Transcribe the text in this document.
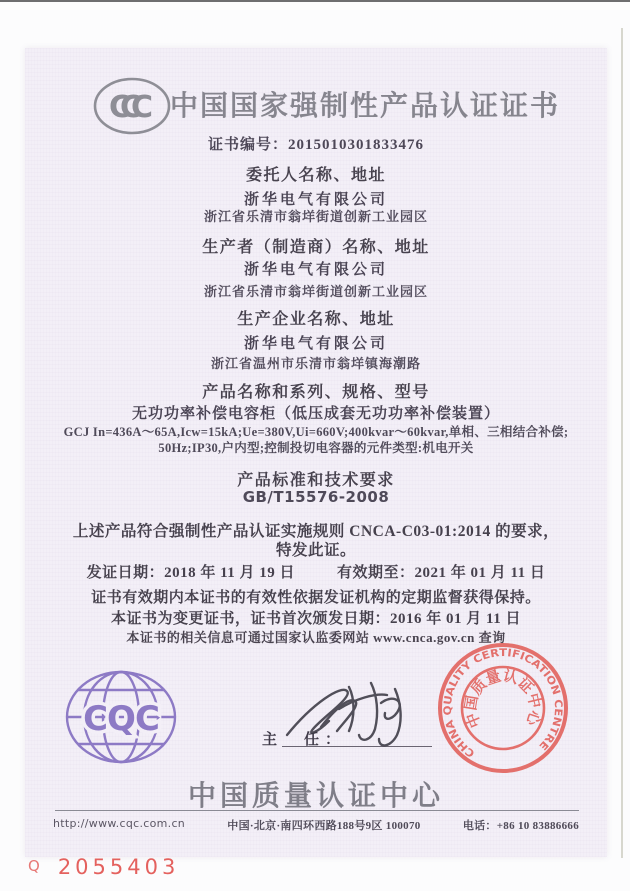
CCC 中国国家强制性产品认证证书
证书编号：2015010301833476
委托人名称、地址
浙华电气有限公司
浙江省乐清市翁垟街道创新工业园区
生产者（制造商）名称、地址
浙华电气有限公司
浙江省乐清市翁垟街道创新工业园区
生产企业名称、地址
浙华电气有限公司
浙江省温州市乐清市翁垟镇海潮路
产品名称和系列、规格、型号
无功功率补偿电容柜（低压成套无功功率补偿装置）
GCJ In=436A～65A,Icw=15kA;Ue=380V,Ui=660V;400kvar～60kvar,单相、三相结合补偿;50Hz;IP30,户内型;控制投切电容器的元件类型:机电开关
产品标准和技术要求
GB/T15576-2008
上述产品符合强制性产品认证实施规则 CNCA-C03-01:2014 的要求，
特发此证。
发证日期：2018 年 11 月 19 日	有效期至：2021 年 01 月 11 日
证书有效期内本证书的有效性依据发证机构的定期监督获得保持。
本证书为变更证书，证书首次颁发日期：2016 年 01 月 11 日
本证书的相关信息可通过国家认监委网站 www.cnca.gov.cn 查询
CQC
主　任：
CHINA QUALITY CERTIFICATION CENTRE
中国质量认证中心
中国质量认证中心
http://www.cqc.com.cn	中国·北京·南四环西路188号9区 100070	电话：+86 10 83886666
Q 2055403
